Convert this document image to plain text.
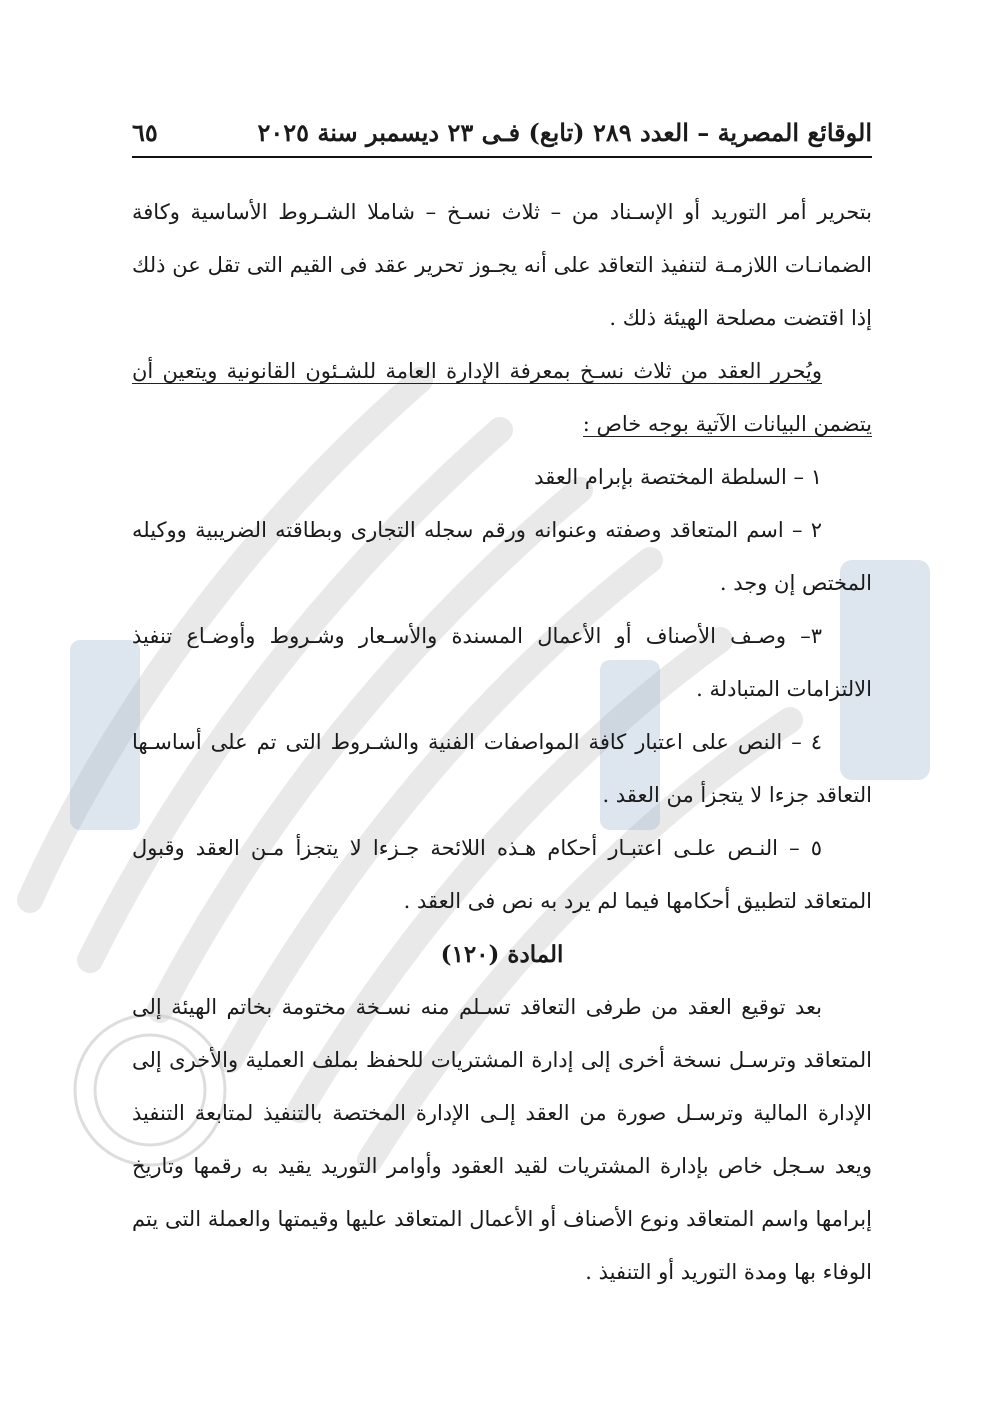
الوقائع المصرية – العدد ٢٨٩ (تابع) فـى ٢٣ ديسمبر سنة ٢٠٢٥
٦٥

بتحرير أمر التوريد أو الإسـناد من – ثلاث نسـخ – شاملا الشـروط الأساسية وكافة الضمانـات اللازمـة لتنفيذ التعاقد على أنه يجـوز تحرير عقد فى القيم التى تقل عن ذلك إذا اقتضت مصلحة الهيئة ذلك .

ويُحرر العقد من ثلاث نسـخ بمعرفة الإدارة العامة للشـئون القانونية ويتعين أن يتضمن البيانات الآتية بوجه خاص :

١ – السلطة المختصة بإبرام العقد

٢ – اسم المتعاقد وصفته وعنوانه ورقم سجله التجارى وبطاقته الضريبية ووكيله المختص إن وجد .

٣– وصـف الأصناف أو الأعمال المسندة والأسـعار وشـروط وأوضـاع تنفيذ الالتزامات المتبادلة .

٤ – النص على اعتبار كافة المواصفات الفنية والشـروط التى تم على أساسـها التعاقد جزءا لا يتجزأ من العقد .

٥ – النـص علـى اعتبـار أحكام هـذه اللائحة جـزءا لا يتجزأ مـن العقد وقبول المتعاقد لتطبيق أحكامها فيما لم يرد به نص فى العقد .

المادة (١٢٠)

بعد توقيع العقد من طرفى التعاقد تسـلم منه نسـخة مختومة بخاتم الهيئة إلى المتعاقد وترسـل نسخة أخرى إلى إدارة المشتريات للحفظ بملف العملية والأخرى إلى الإدارة المالية وترسـل صورة من العقد إلـى الإدارة المختصة بالتنفيذ لمتابعة التنفيذ ويعد سـجل خاص بإدارة المشتريات لقيد العقود وأوامر التوريد يقيد به رقمها وتاريخ إبرامها واسم المتعاقد ونوع الأصناف أو الأعمال المتعاقد عليها وقيمتها والعملة التى يتم الوفاء بها ومدة التوريد أو التنفيذ .
